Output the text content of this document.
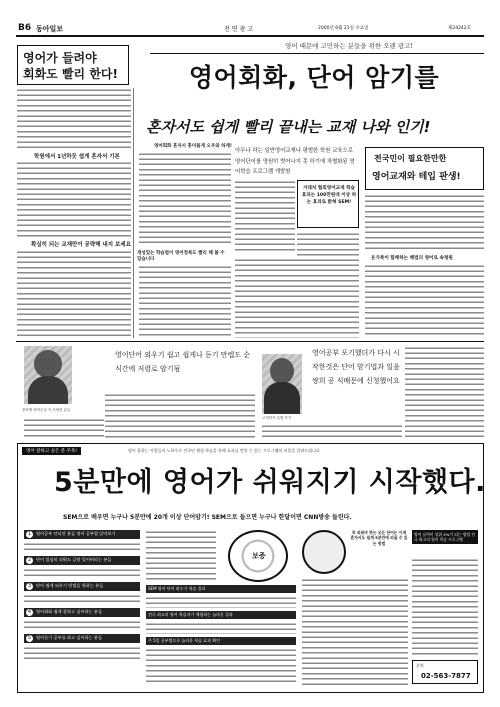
B6 동아일보	전면광고	2000년 6월 21일 수요일	제24242호
영어 때문에 고민하는 분들을 위한 오랜 광고!
영어회화, 단어 암기를
혼자서도 쉽게 빨리 끝내는 교재 나와 인기!
영어가 들려야
회화도 빨리 한다!
학원에서 1년하듯 쉽게 혼자서 기본
확실히 되는 교재만이 공략해 내지 보세요
영어회화 혼자서 흥미롭게 오우와 하게!
개성있는 학습법이 영어정복도 빨리 해 볼 수 있습니다
아무나 하는 일반영어교재나 평범한 학원 교육으로 영어단어를 영원히 벗어나지 못 하기에 차별화된 영어학습 프로그램 개발함
거래처 협회영어교재 학습 효과는 100만원대 이상 하는 효과로 밝혀 SEM!
전국민이 필요한만한
영어교재와 테입 판생!
온가족이 함께하는 해법의 영어로 속청원
영어단어 외우기 쉽고 쉽게나 듣기 만렙도 순식간에 저렴로 암기됨
중학생 영어수업 꼭 사랑한 분들
영어공부 포기했더가 다시 시작한것은 단어 암기법과 일음쌍희 공 식배문에 신청했어요
고객만족 특별 후기
영어 잘하고 싶은 분 주목!	영어 잘하는 사람들의 노하우로 전국민 체험 학습을 통해 효과를 맛볼 수 있는 프로그램의 비밀을 알려드립니다
5분만에 영어가 쉬워지기 시작했다.
SEM으로 배우면 누구나 5분만에 20개 이상 단어암기! SEM으로 들으면 누구나 한달이면 CNN방송 들린다.
1 영어공부 안되던 분들 영어 공부법 알아보기
2 단어 열심히 외워도 금방 잊어버리는 분들
3 단어 쉽게 외우기 방법을 원하는 분들
4 영어회화 쉽게 잘하고 싶어하는 분들
5 영어듣기 공부를 하고 싶어하는 분들
SEM 영어 단어 외우기 학습 결과
전국 최고의 영어 학습자가 체험하는 놀라운 결과
주 5일 공부법으로 놀라운 학습 효과 확인
보증
꼭 외워야 하는 모든 단어는 이제 혼자서도 쉽게 5분만에 외울 수 있는 방법
영어 실력이 상위 5%가 되는 방법 전국 최고의 영어 학습 프로그램
문의
02-563-7877
